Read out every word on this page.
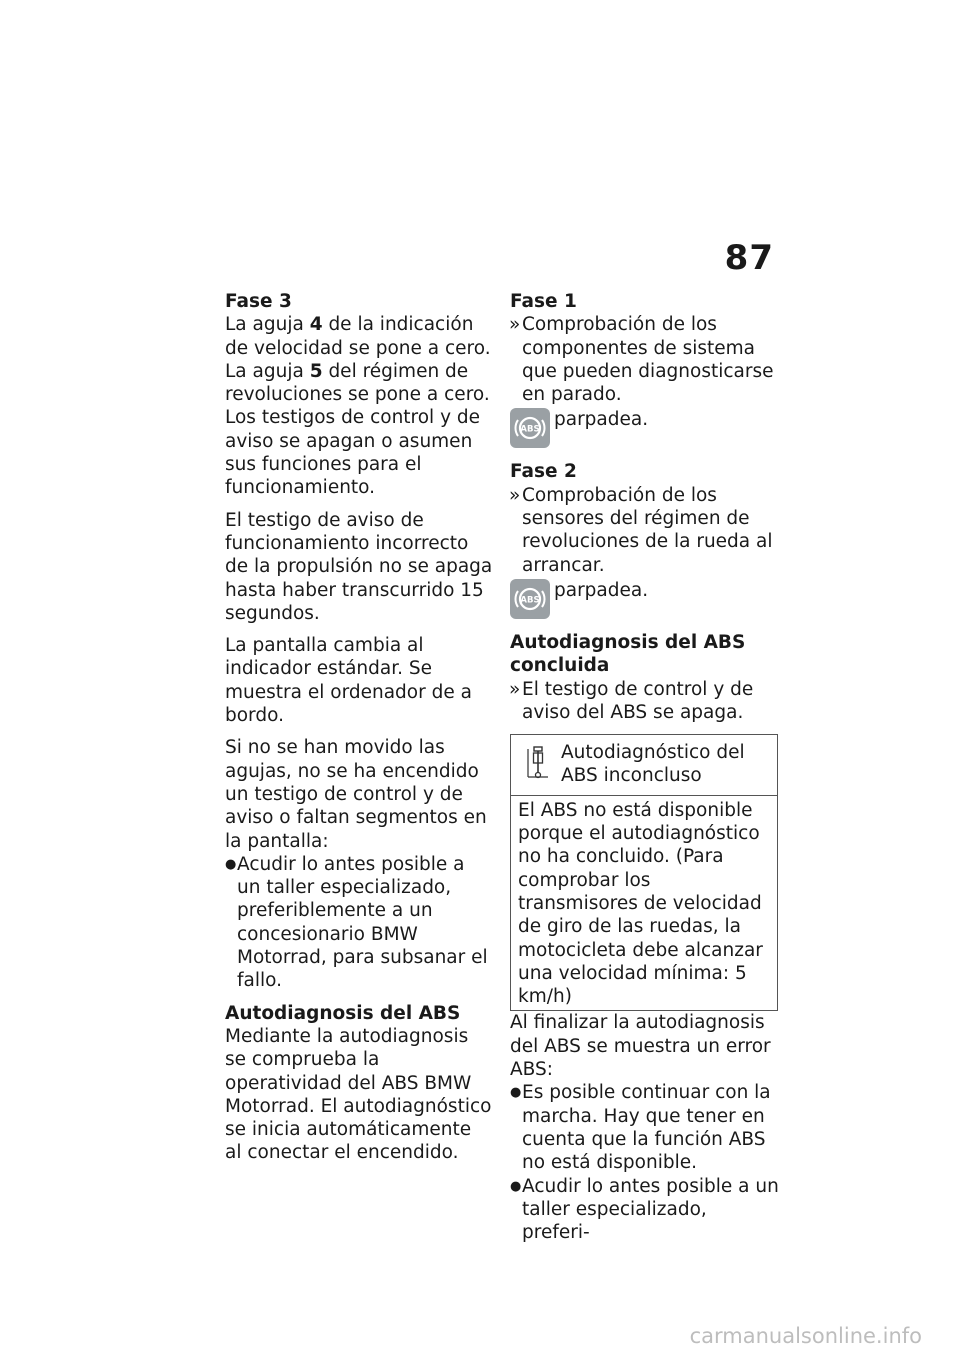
87

Fase 3

La aguja 4 de la indicación de velocidad se pone a cero.

La aguja 5 del régimen de revoluciones se pone a cero.

Los testigos de control y de aviso se apagan o asumen sus funciones para el funcionamiento.

El testigo de aviso de funcionamiento incorrecto de la propulsión no se apaga hasta haber transcurrido 15 segundos.

La pantalla cambia al indicador estándar. Se muestra el ordenador de a bordo.

Si no se han movido las agujas, no se ha encendido un testigo de control y de aviso o faltan segmentos en la pantalla:

● Acudir lo antes posible a un taller especializado, preferiblemente a un concesionario BMW Motorrad, para subsanar el fallo.

Autodiagnosis del ABS

Mediante la autodiagnosis se comprueba la operatividad del ABS BMW Motorrad. El autodiagnóstico se inicia automáticamente al conectar el encendido.

Fase 1

» Comprobación de los componentes de sistema que pueden diagnosticarse en parado.
ABS parpadea.

Fase 2

» Comprobación de los sensores del régimen de revoluciones de la rueda al arrancar.
ABS parpadea.

Autodiagnosis del ABS concluida

» El testigo de control y de aviso del ABS se apaga.
Autodiagnóstico del ABS inconcluso
El ABS no está disponible porque el autodiagnóstico no ha concluido. (Para comprobar los transmisores de velocidad de giro de las ruedas, la motocicleta debe alcanzar una velocidad mínima: 5 km/h)

Al finalizar la autodiagnosis del ABS se muestra un error ABS:

● Es posible continuar con la marcha. Hay que tener en cuenta que la función ABS no está disponible.
● Acudir lo antes posible a un taller especializado, preferi-
carmanualsonline.info
